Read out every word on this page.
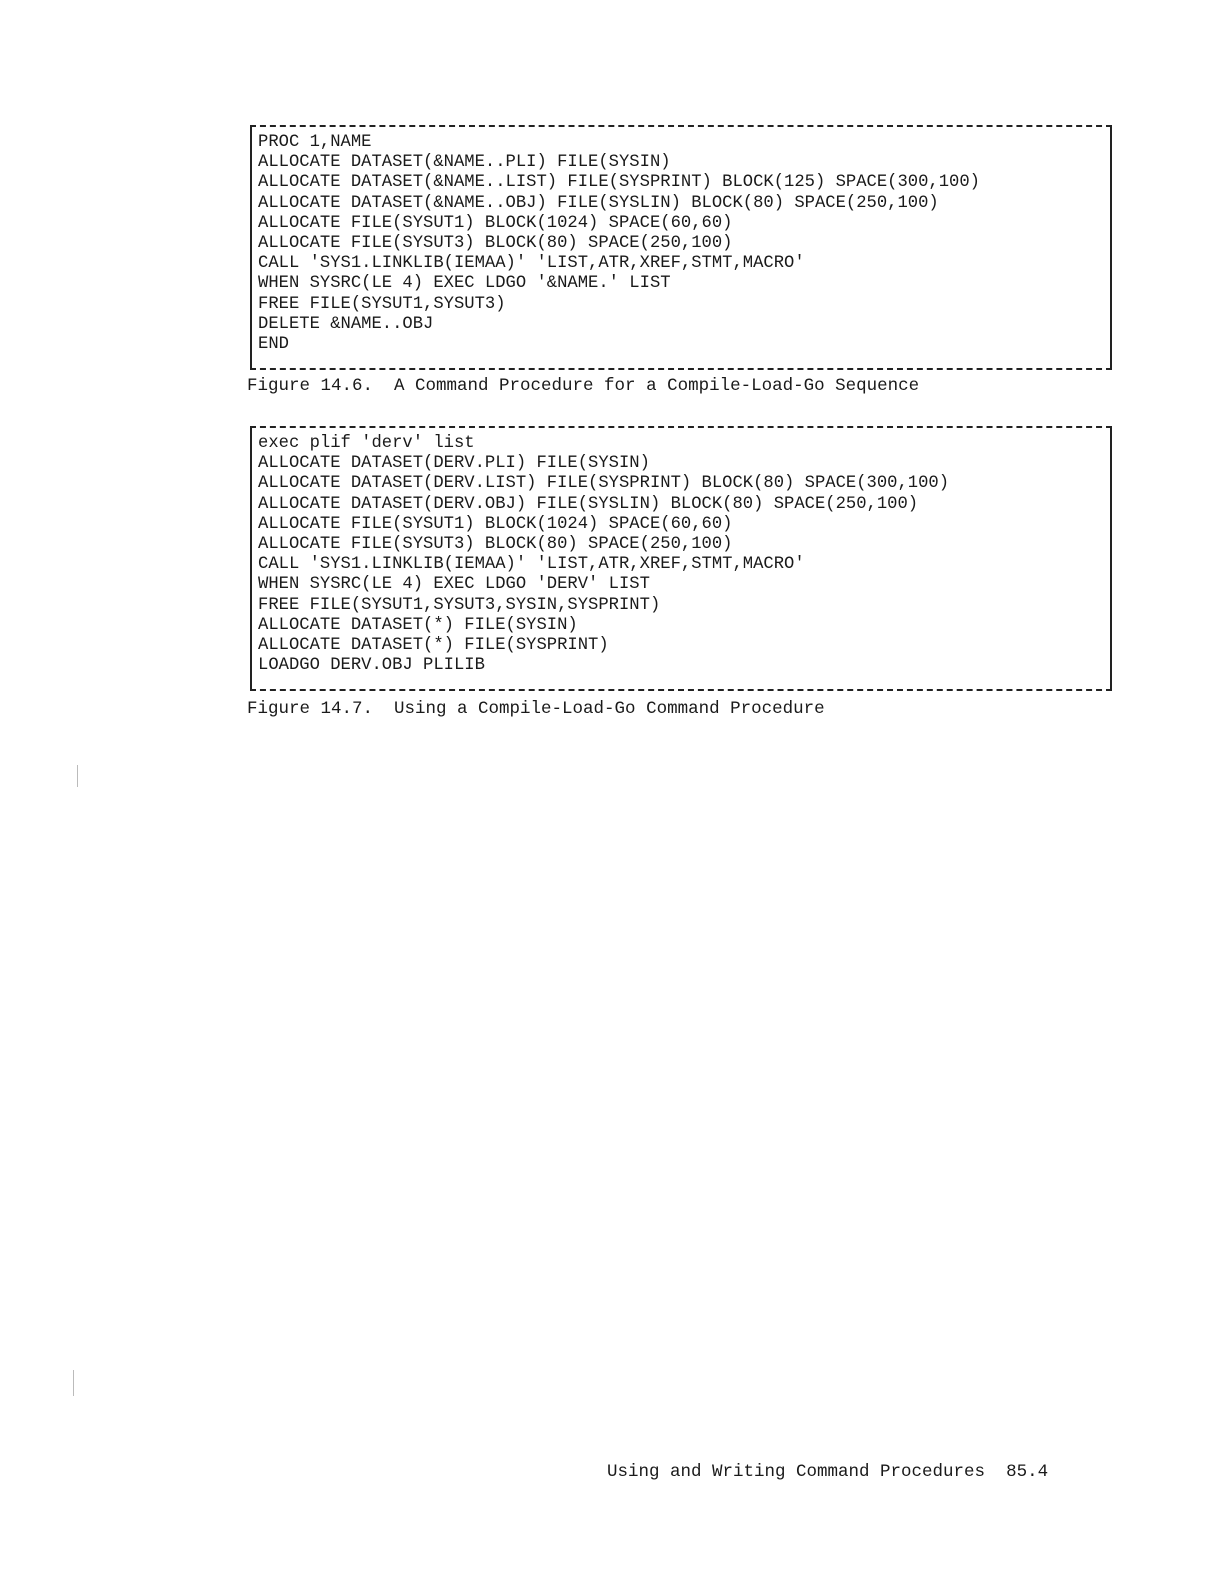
PROC 1,NAME
ALLOCATE DATASET(&NAME..PLI) FILE(SYSIN)
ALLOCATE DATASET(&NAME..LIST) FILE(SYSPRINT) BLOCK(125) SPACE(300,100)
ALLOCATE DATASET(&NAME..OBJ) FILE(SYSLIN) BLOCK(80) SPACE(250,100)
ALLOCATE FILE(SYSUT1) BLOCK(1024) SPACE(60,60)
ALLOCATE FILE(SYSUT3) BLOCK(80) SPACE(250,100)
CALL 'SYS1.LINKLIB(IEMAA)' 'LIST,ATR,XREF,STMT,MACRO'
WHEN SYSRC(LE 4) EXEC LDGO '&NAME.' LIST
FREE FILE(SYSUT1,SYSUT3)
DELETE &NAME..OBJ
END
Figure 14.6.  A Command Procedure for a Compile-Load-Go Sequence
exec plif 'derv' list
ALLOCATE DATASET(DERV.PLI) FILE(SYSIN)
ALLOCATE DATASET(DERV.LIST) FILE(SYSPRINT) BLOCK(80) SPACE(300,100)
ALLOCATE DATASET(DERV.OBJ) FILE(SYSLIN) BLOCK(80) SPACE(250,100)
ALLOCATE FILE(SYSUT1) BLOCK(1024) SPACE(60,60)
ALLOCATE FILE(SYSUT3) BLOCK(80) SPACE(250,100)
CALL 'SYS1.LINKLIB(IEMAA)' 'LIST,ATR,XREF,STMT,MACRO'
WHEN SYSRC(LE 4) EXEC LDGO 'DERV' LIST
FREE FILE(SYSUT1,SYSUT3,SYSIN,SYSPRINT)
ALLOCATE DATASET(*) FILE(SYSIN)
ALLOCATE DATASET(*) FILE(SYSPRINT)
LOADGO DERV.OBJ PLILIB
Figure 14.7.  Using a Compile-Load-Go Command Procedure
Using and Writing Command Procedures 85.4
